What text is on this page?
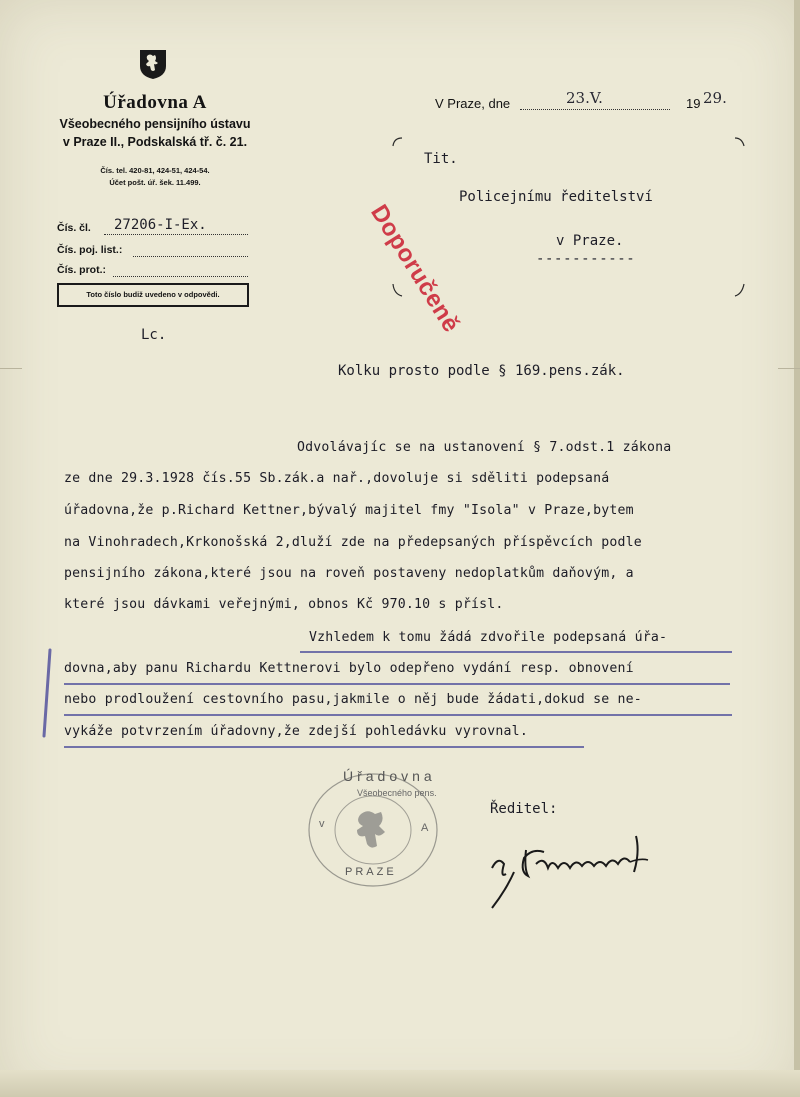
Úřadovna A
Všeobecného pensijního ústavu
v Praze II., Podskalská tř. č. 21.
Čís. tel. 420-81, 424-51, 424-54.
Účet pošt. úř. šek. 11.499.
Čís. čl. 27206-I-Ex.
Čís. poj. list.:
Čís. prot.:
Toto číslo budiž uvedeno v odpovědi.
V Praze, dne	23.V.	19 29.
Tit.
Policejnímu ředitelství
v Praze.
-----------
Doporučeně
Lc.
Kolku prosto podle § 169.pens.zák.
Odvolávajíc se na ustanovení § 7.odst.1 zákona
ze dne 29.3.1928 čís.55 Sb.zák.a nař.,dovoluje si sděliti podepsaná
úřadovna,že p.Richard Kettner,bývalý majitel fmy "Isola" v Praze,bytem
na Vinohradech,Krkonošská 2,dluží zde na předepsaných příspěvcích podle
pensijního zákona,které jsou na roveň postaveny nedoplatkům daňovým, a
které jsou dávkami veřejnými, obnos Kč 970.10 s přísl.
Vzhledem k tomu žádá zdvořile podepsaná úřa-
dovna,aby panu Richardu Kettnerovi bylo odepřeno vydání resp. obnovení
nebo prodloužení cestovního pasu,jakmile o něj bude žádati,dokud se ne-
vykáže potvrzením úřadovny,že zdejší pohledávku vyrovnal.
Úřadovna
Všeobecného pens.
v	A
PRAZE
Ředitel:
